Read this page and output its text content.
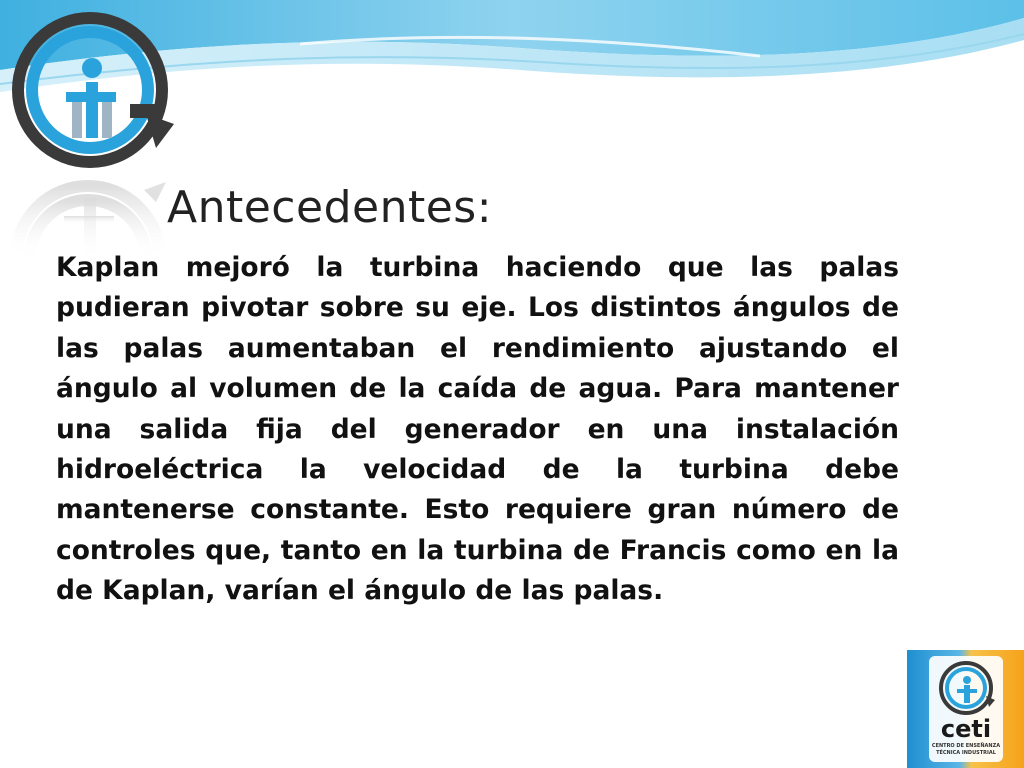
Antecedentes:

Kaplan mejoró la turbina haciendo que las palas pudieran pivotar sobre su eje. Los distintos ángulos de las palas aumentaban el rendimiento ajustando el ángulo al volumen de la caída de agua. Para mantener una salida fija del generador en una instalación hidroeléctrica la velocidad de la turbina debe mantenerse constante. Esto requiere gran número de controles que, tanto en la turbina de Francis como en la de Kaplan, varían el ángulo de las palas.

ceti
CENTRO DE ENSEÑANZA
TÉCNICA INDUSTRIAL
